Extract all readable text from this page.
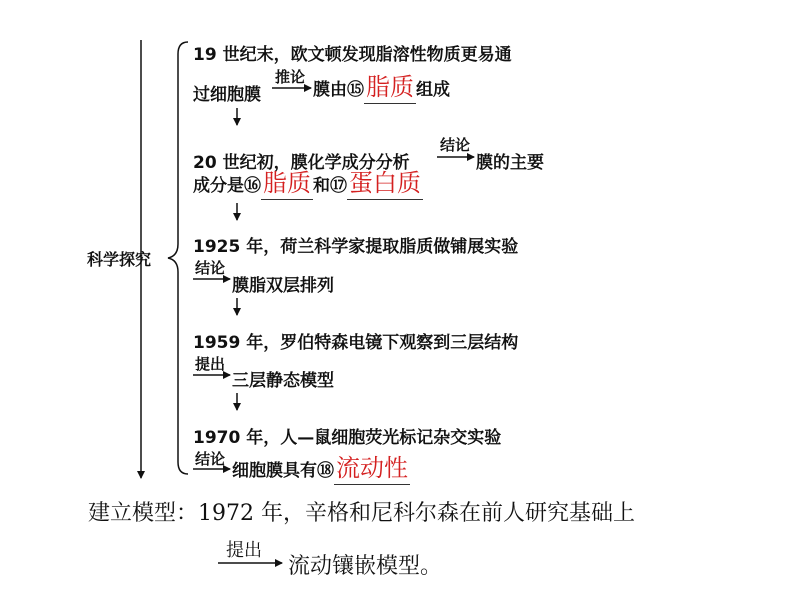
科学探究
19 世纪末，欧文顿发现脂溶性物质更易通
推论
过细胞膜	膜由⑮脂质 组成
20 世纪初，膜化学成分分析
结论
膜的主要
成分是⑯脂质 和⑰蛋白质
1925 年，荷兰科学家提取脂质做铺展实验
结论
膜脂双层排列
1959 年，罗伯特森电镜下观察到三层结构
提出
三层静态模型
1970 年，人—鼠细胞荧光标记杂交实验
结论
细胞膜具有⑱流动性
建立模型：1972 年，辛格和尼科尔森在前人研究基础上
提出
流动镶嵌模型。
